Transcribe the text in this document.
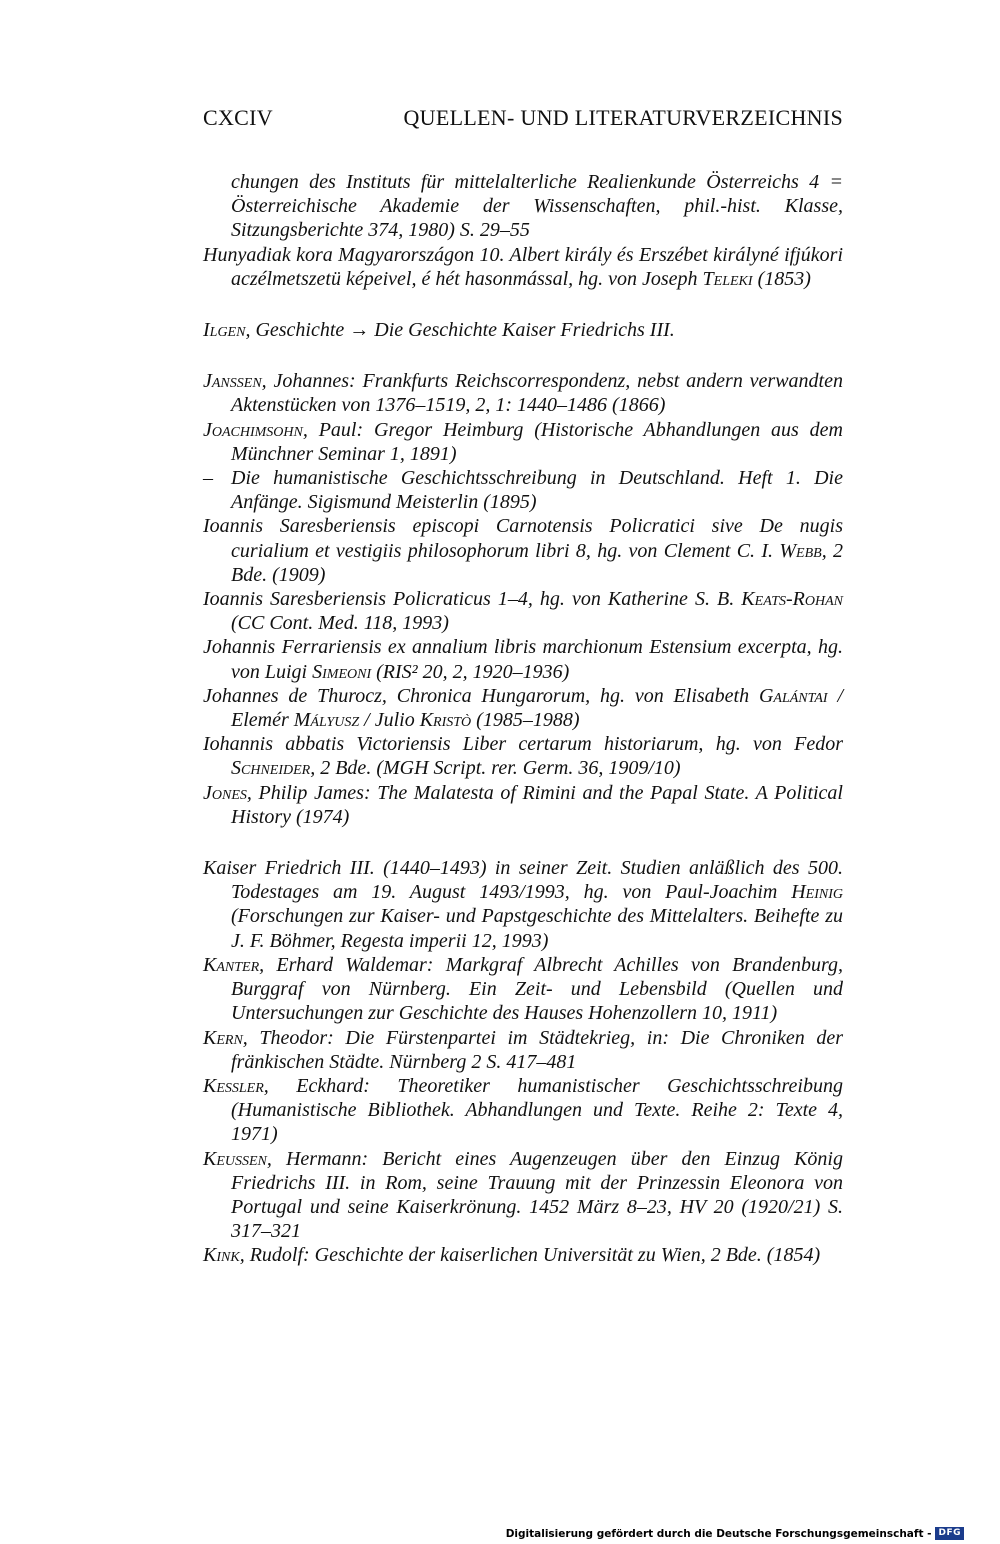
CXCIV	QUELLEN- UND LITERATURVERZEICHNIS

chungen des Instituts für mittelalterliche Realienkunde Österreichs 4 = Österreichische Akademie der Wissenschaften, phil.-hist. Klasse, Sitzungsberichte 374, 1980) S. 29–55

Hunyadiak kora Magyarországon 10. Albert király és Erszébet királyné ifjúkori aczélmetszetü képeivel, é hét hasonmással, hg. von Joseph Teleki (1853)

Ilgen, Geschichte → Die Geschichte Kaiser Friedrichs III.

Janssen, Johannes: Frankfurts Reichscorrespondenz, nebst andern verwandten Aktenstücken von 1376–1519, 2, 1: 1440–1486 (1866)

Joachimsohn, Paul: Gregor Heimburg (Historische Abhandlungen aus dem Münchner Seminar 1, 1891)

– Die humanistische Geschichtsschreibung in Deutschland. Heft 1. Die Anfänge. Sigismund Meisterlin (1895)

Ioannis Saresberiensis episcopi Carnotensis Policratici sive De nugis curialium et vestigiis philosophorum libri 8, hg. von Clement C. I. Webb, 2 Bde. (1909)

Ioannis Saresberiensis Policraticus 1–4, hg. von Katherine S. B. Keats-Rohan (CC Cont. Med. 118, 1993)

Johannis Ferrariensis ex annalium libris marchionum Estensium excerpta, hg. von Luigi Simeoni (RIS² 20, 2, 1920–1936)

Johannes de Thurocz, Chronica Hungarorum, hg. von Elisabeth Galántai / Elemér Mályusz / Julio Kristò (1985–1988)

Iohannis abbatis Victoriensis Liber certarum historiarum, hg. von Fedor Schneider, 2 Bde. (MGH Script. rer. Germ. 36, 1909/10)

Jones, Philip James: The Malatesta of Rimini and the Papal State. A Political History (1974)

Kaiser Friedrich III. (1440–1493) in seiner Zeit. Studien anläßlich des 500. Todestages am 19. August 1493/1993, hg. von Paul-Joachim Heinig (Forschungen zur Kaiser- und Papstgeschichte des Mittelalters. Beihefte zu J. F. Böhmer, Regesta imperii 12, 1993)

Kanter, Erhard Waldemar: Markgraf Albrecht Achilles von Brandenburg, Burggraf von Nürnberg. Ein Zeit- und Lebensbild (Quellen und Untersuchungen zur Geschichte des Hauses Hohenzollern 10, 1911)

Kern, Theodor: Die Fürstenpartei im Städtekrieg, in: Die Chroniken der fränkischen Städte. Nürnberg 2 S. 417–481

Kessler, Eckhard: Theoretiker humanistischer Geschichtsschreibung (Humanistische Bibliothek. Abhandlungen und Texte. Reihe 2: Texte 4, 1971)

Keussen, Hermann: Bericht eines Augenzeugen über den Einzug König Friedrichs III. in Rom, seine Trauung mit der Prinzessin Eleonora von Portugal und seine Kaiserkrönung. 1452 März 8–23, HV 20 (1920/21) S. 317–321

Kink, Rudolf: Geschichte der kaiserlichen Universität zu Wien, 2 Bde. (1854)

Digitalisierung gefördert durch die Deutsche Forschungsgemeinschaft - DFG
